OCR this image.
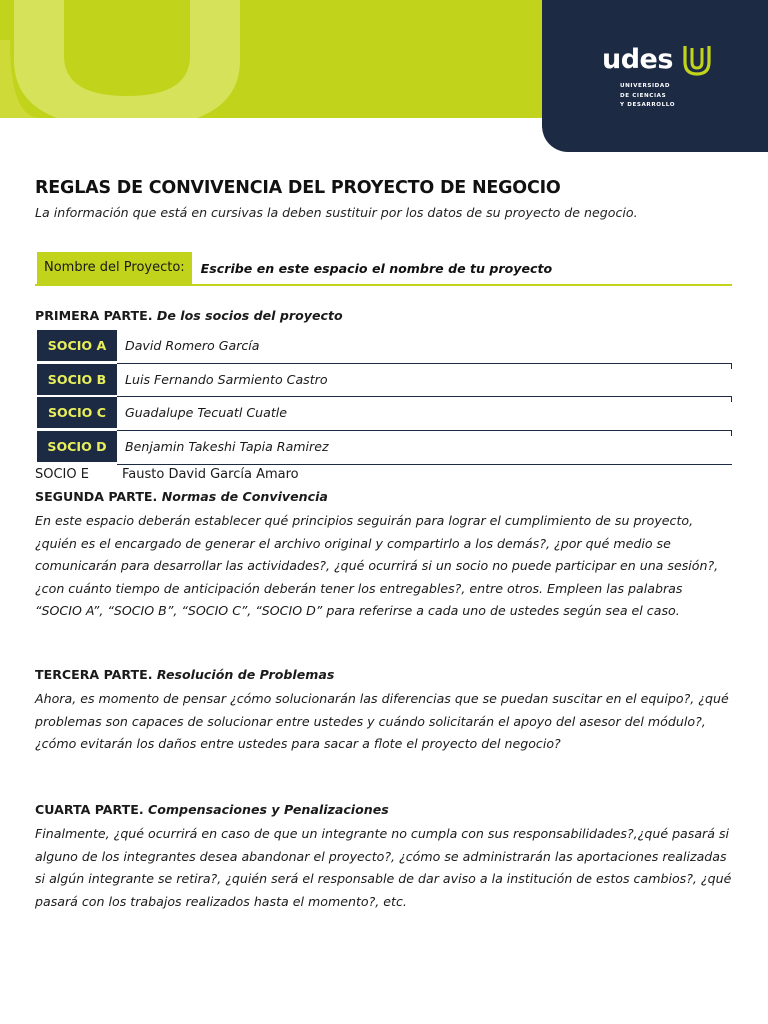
udes
UNIVERSIDAD
DE CIENCIAS
Y DESARROLLO
REGLAS DE CONVIVENCIA DEL PROYECTO DE NEGOCIO

La información que está en cursivas la deben sustituir por los datos de su proyecto de negocio.

Nombre del Proyecto:	Escribe en este espacio el nombre de tu proyecto
PRIMERA PARTE. De los socios del proyecto
SOCIO A	David Romero García
SOCIO B	Luis Fernando Sarmiento Castro
SOCIO C	Guadalupe Tecuatl Cuatle
SOCIO D	Benjamin Takeshi Tapia Ramirez
SOCIO E	Fausto David García Amaro
SEGUNDA PARTE. Normas de Convivencia

En este espacio deberán establecer qué principios seguirán para lograr el cumplimiento de su proyecto, ¿quién es el encargado de generar el archivo original y compartirlo a los demás?, ¿por qué medio se comunicarán para desarrollar las actividades?, ¿qué ocurrirá si un socio no puede participar en una sesión?, ¿con cuánto tiempo de anticipación deberán tener los entregables?, entre otros. Empleen las palabras “SOCIO A”, “SOCIO B”, “SOCIO C”, “SOCIO D” para referirse a cada uno de ustedes según sea el caso.

TERCERA PARTE. Resolución de Problemas

Ahora, es momento de pensar ¿cómo solucionarán las diferencias que se puedan suscitar en el equipo?, ¿qué problemas son capaces de solucionar entre ustedes y cuándo solicitarán el apoyo del asesor del módulo?, ¿cómo evitarán los daños entre ustedes para sacar a flote el proyecto del negocio?

CUARTA PARTE. Compensaciones y Penalizaciones

Finalmente, ¿qué ocurrirá en caso de que un integrante no cumpla con sus responsabilidades?,¿qué pasará si alguno de los integrantes desea abandonar el proyecto?, ¿cómo se administrarán las aportaciones realizadas si algún integrante se retira?, ¿quién será el responsable de dar aviso a la institución de estos cambios?, ¿qué pasará con los trabajos realizados hasta el momento?, etc.
